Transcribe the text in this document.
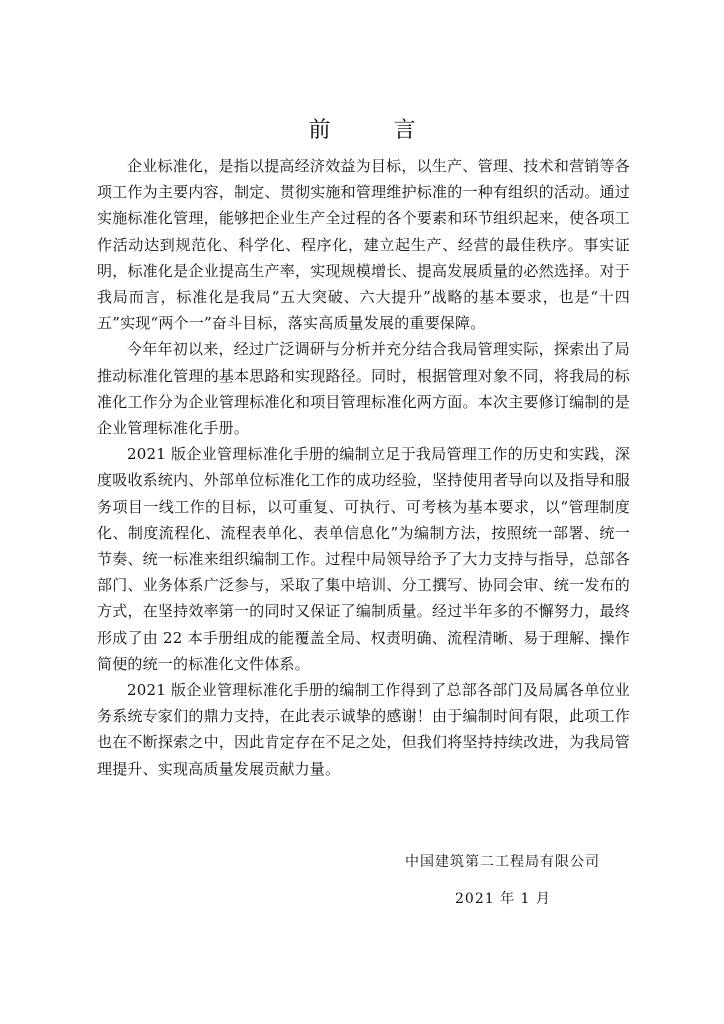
前 言

企业标准化，是指以提高经济效益为目标，以生产、管理、技术和营销等各项工作为主要内容，制定、贯彻实施和管理维护标准的一种有组织的活动。通过实施标准化管理，能够把企业生产全过程的各个要素和环节组织起来，使各项工作活动达到规范化、科学化、程序化，建立起生产、经营的最佳秩序。事实证明，标准化是企业提高生产率，实现规模增长、提高发展质量的必然选择。对于我局而言，标准化是我局“五大突破、六大提升”战略的基本要求，也是“十四五”实现“两个一”奋斗目标，落实高质量发展的重要保障。

今年年初以来，经过广泛调研与分析并充分结合我局管理实际，探索出了局推动标准化管理的基本思路和实现路径。同时，根据管理对象不同，将我局的标准化工作分为企业管理标准化和项目管理标准化两方面。本次主要修订编制的是企业管理标准化手册。

2021 版企业管理标准化手册的编制立足于我局管理工作的历史和实践，深度吸收系统内、外部单位标准化工作的成功经验，坚持使用者导向以及指导和服务项目一线工作的目标，以可重复、可执行、可考核为基本要求，以“管理制度化、制度流程化、流程表单化、表单信息化”为编制方法，按照统一部署、统一节奏、统一标准来组织编制工作。过程中局领导给予了大力支持与指导，总部各部门、业务体系广泛参与，采取了集中培训、分工撰写、协同会审、统一发布的方式，在坚持效率第一的同时又保证了编制质量。经过半年多的不懈努力，最终形成了由 22 本手册组成的能覆盖全局、权责明确、流程清晰、易于理解、操作简便的统一的标准化文件体系。

2021 版企业管理标准化手册的编制工作得到了总部各部门及局属各单位业务系统专家们的鼎力支持，在此表示诚挚的感谢！由于编制时间有限，此项工作也在不断探索之中，因此肯定存在不足之处，但我们将坚持持续改进，为我局管理提升、实现高质量发展贡献力量。

中国建筑第二工程局有限公司
2021 年 1 月
